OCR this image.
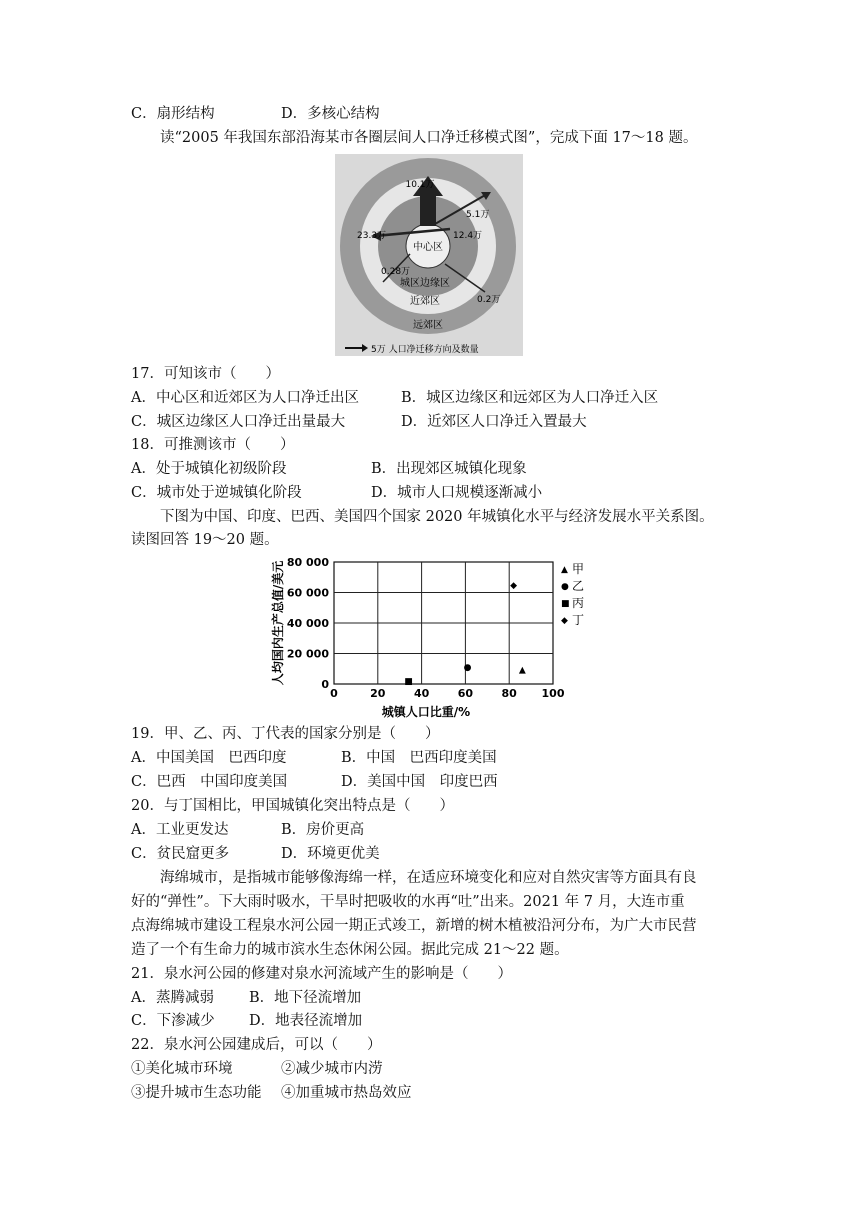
C．扇形结构	D．多核心结构
读“2005 年我国东部沿海某市各圈层间人口净迁移模式图”，完成下面 17～18 题。
中心区
10.1万
5.1万
23.3万	12.4万
0.28万
0.2万
城区边缘区
近郊区
远郊区
5万 人口净迁移方向及数量
17．可知该市（　　）
A．中心区和近郊区为人口净迁出区	B．城区边缘区和远郊区为人口净迁入区
C．城区边缘区人口净迁出量最大	D．近郊区人口净迁入置最大
18．可推测该市（　　）
A．处于城镇化初级阶段	B．出现郊区城镇化现象
C．城市处于逆城镇化阶段	D．城市人口规模逐渐减小
下图为中国、印度、巴西、美国四个国家 2020 年城镇化水平与经济发展水平关系图。
读图回答 19～20 题。
0	20	40	60	80 100
0
20 000
40 000
60 000
80 000
▲
●
■
◆
▲ 甲
● 乙
■ 丙
◆ 丁
城镇人口比重/%
人均国内生产总值/美元
19．甲、乙、丙、丁代表的国家分别是（　　）
A．中国美国　巴西印度	B．中国　巴西印度美国
C．巴西　中国印度美国	D．美国中国　印度巴西
20．与丁国相比，甲国城镇化突出特点是（　　）
A．工业更发达	B．房价更高
C．贫民窟更多	D．环境更优美
海绵城市，是指城市能够像海绵一样，在适应环境变化和应对自然灾害等方面具有良
好的“弹性”。下大雨时吸水，干旱时把吸收的水再“吐”出来。2021 年 7 月，大连市重
点海绵城市建设工程泉水河公园一期正式竣工，新增的树木植被沿河分布，为广大市民营
造了一个有生命力的城市滨水生态休闲公园。据此完成 21～22 题。
21．泉水河公园的修建对泉水河流域产生的影响是（　　）
A．蒸腾减弱 B．地下径流增加
C．下渗减少 D．地表径流增加
22．泉水河公园建成后，可以（　　）
①美化城市环境	②减少城市内涝
③提升城市生态功能 ④加重城市热岛效应
